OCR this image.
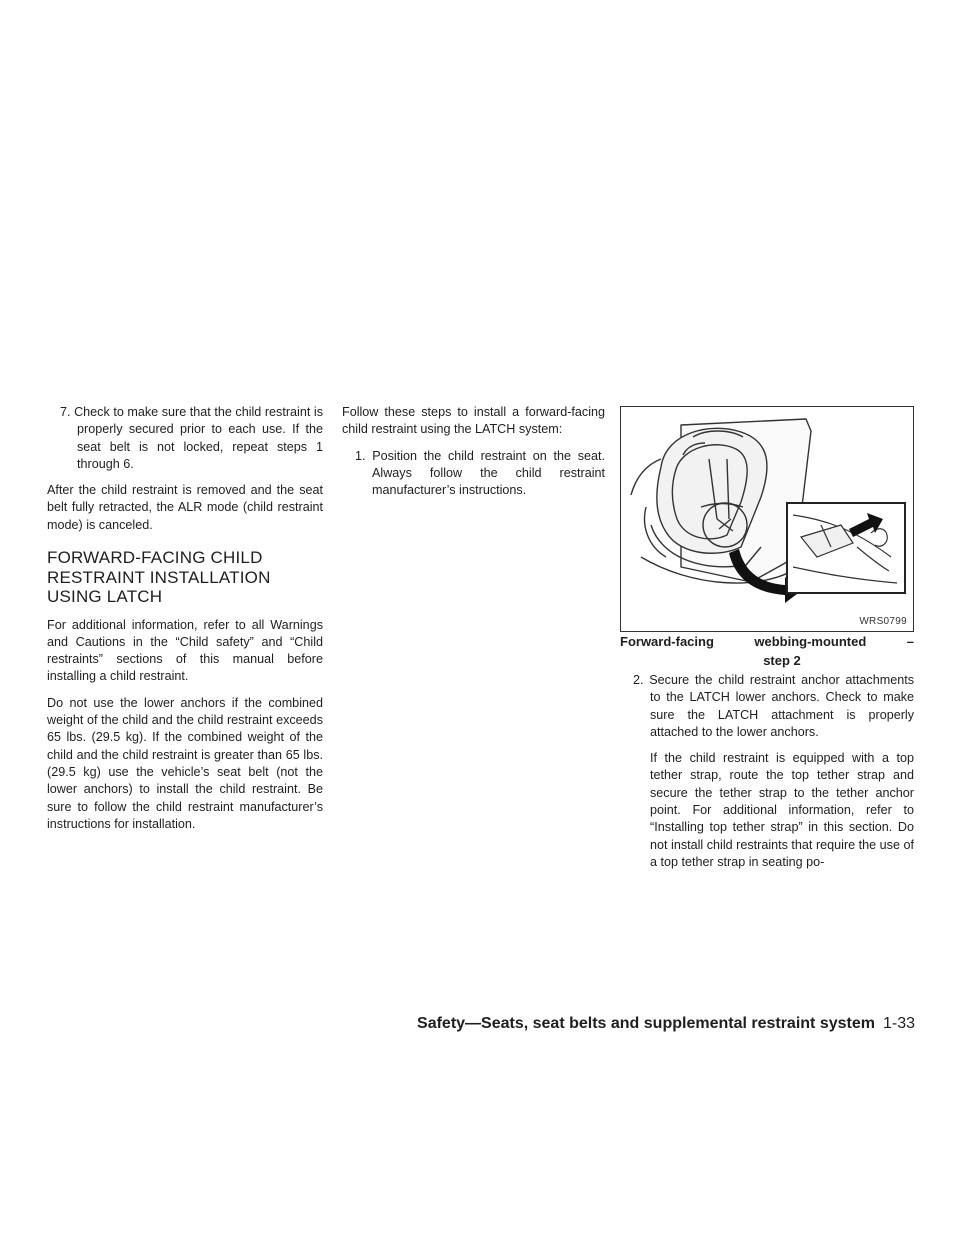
7. Check to make sure that the child restraint is properly secured prior to each use. If the seat belt is not locked, repeat steps 1 through 6.

After the child restraint is removed and the seat belt fully retracted, the ALR mode (child restraint mode) is canceled.

FORWARD-FACING CHILD RESTRAINT INSTALLATION USING LATCH

For additional information, refer to all Warnings and Cautions in the “Child safety” and “Child restraints” sections of this manual before installing a child restraint.

Do not use the lower anchors if the combined weight of the child and the child restraint exceeds 65 lbs. (29.5 kg). If the combined weight of the child and the child restraint is greater than 65 lbs. (29.5 kg) use the vehicle’s seat belt (not the lower anchors) to install the child restraint. Be sure to follow the child restraint manufacturer’s instructions for installation.

Follow these steps to install a forward-facing child restraint using the LATCH system:

1. Position the child restraint on the seat. Always follow the child restraint manufacturer’s instructions.

WRS0799
Forward-facing webbing-mounted –
step 2

2. Secure the child restraint anchor attachments to the LATCH lower anchors. Check to make sure the LATCH attachment is properly attached to the lower anchors.

If the child restraint is equipped with a top tether strap, route the top tether strap and secure the tether strap to the tether anchor point. For additional information, refer to “Installing top tether strap” in this section. Do not install child restraints that require the use of a top tether strap in seating po-

Safety—Seats, seat belts and supplemental restraint system 1-33
